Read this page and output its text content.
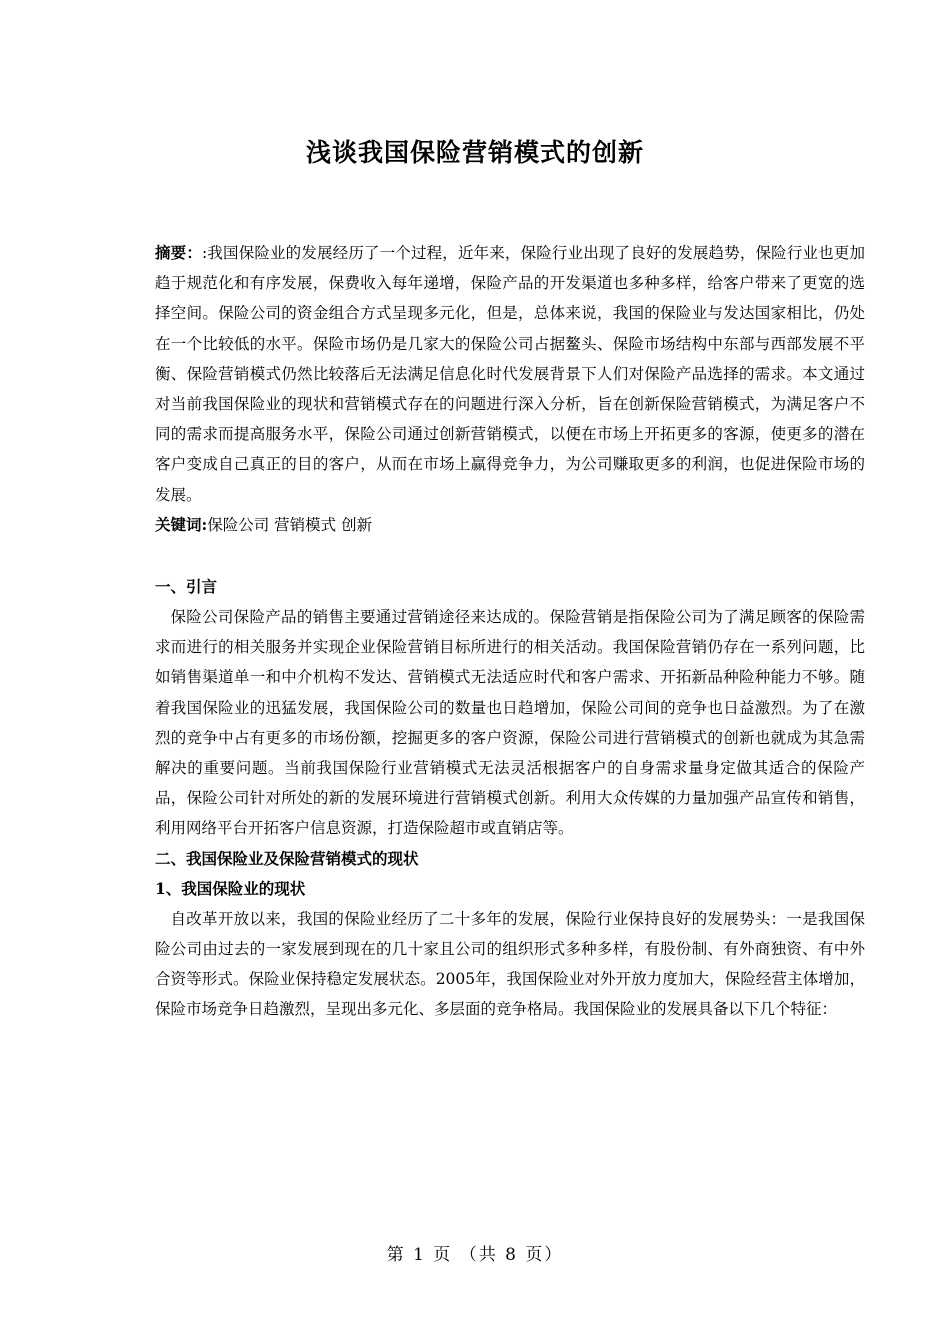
浅谈我国保险营销模式的创新

摘要：:我国保险业的发展经历了一个过程，近年来，保险行业出现了良好的发展趋势，保险行业也更加趋于规范化和有序发展，保费收入每年递增，保险产品的开发渠道也多种多样，给客户带来了更宽的选择空间。保险公司的资金组合方式呈现多元化，但是，总体来说，我国的保险业与发达国家相比，仍处在一个比较低的水平。保险市场仍是几家大的保险公司占据鳌头、保险市场结构中东部与西部发展不平衡、保险营销模式仍然比较落后无法满足信息化时代发展背景下人们对保险产品选择的需求。本文通过对当前我国保险业的现状和营销模式存在的问题进行深入分析，旨在创新保险营销模式，为满足客户不同的需求而提高服务水平，保险公司通过创新营销模式，以便在市场上开拓更多的客源，使更多的潜在客户变成自己真正的目的客户，从而在市场上赢得竞争力，为公司赚取更多的利润，也促进保险市场的发展。

关键词:保险公司 营销模式 创新

一、引言

保险公司保险产品的销售主要通过营销途径来达成的。保险营销是指保险公司为了满足顾客的保险需求而进行的相关服务并实现企业保险营销目标所进行的相关活动。我国保险营销仍存在一系列问题，比如销售渠道单一和中介机构不发达、营销模式无法适应时代和客户需求、开拓新品种险种能力不够。随着我国保险业的迅猛发展，我国保险公司的数量也日趋增加，保险公司间的竞争也日益激烈。为了在激烈的竞争中占有更多的市场份额，挖掘更多的客户资源，保险公司进行营销模式的创新也就成为其急需解决的重要问题。当前我国保险行业营销模式无法灵活根据客户的自身需求量身定做其适合的保险产品，保险公司针对所处的新的发展环境进行营销模式创新。利用大众传媒的力量加强产品宣传和销售，利用网络平台开拓客户信息资源，打造保险超市或直销店等。

二、我国保险业及保险营销模式的现状

1、我国保险业的现状

自改革开放以来，我国的保险业经历了二十多年的发展，保险行业保持良好的发展势头：一是我国保险公司由过去的一家发展到现在的几十家且公司的组织形式多种多样，有股份制、有外商独资、有中外合资等形式。保险业保持稳定发展状态。2005年，我国保险业对外开放力度加大，保险经营主体增加，保险市场竞争日趋激烈，呈现出多元化、多层面的竞争格局。我国保险业的发展具备以下几个特征：

第 1 页 （共 8 页）
